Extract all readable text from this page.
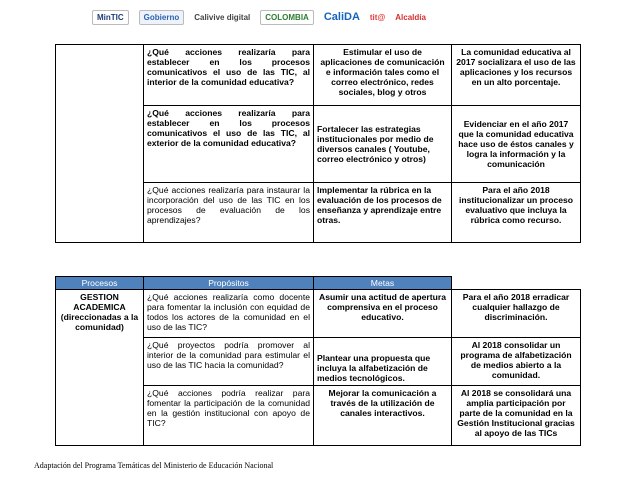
MinTIC	Gobierno	Calivive digital	COLOMBIA	CaliDA tit@ Alcaldía
	¿Qué acciones realizaría para establecer en los procesos comunicativos el uso de las TIC, al interior de la comunidad educativa?	Estimular el uso de aplicaciones de comunicación e información tales como el correo electrónico, redes sociales, blog y otros	La comunidad educativa al 2017 socializara el uso de las aplicaciones y los recursos en un alto porcentaje.
	¿Qué acciones realizaría para establecer en los procesos comunicativos el uso de las TIC, al exterior de la comunidad educativa?	Fortalecer las estrategias institucionales por medio de diversos canales ( Youtube, correo electrónico y otros)	Evidenciar en el año 2017 que la comunidad educativa hace uso de éstos canales y logra la información y la comunicación
	¿Qué acciones realizaría para instaurar la incorporación del uso de las TIC en los procesos de evaluación de los aprendizajes?	Implementar la rúbrica en la evaluación de los procesos de enseñanza y aprendizaje entre otras.	Para el año 2018 institucionalizar un proceso evaluativo que incluya la rúbrica como recurso.
Procesos	Propósitos	Metas
GESTION ACADEMICA (direccionadas a la comunidad)	¿Qué acciones realizaría como docente para fomentar la inclusión con equidad de todos los actores de la comunidad en el uso de las TIC?	Asumir una actitud de apertura comprensiva en el proceso educativo.	Para el año 2018 erradicar cualquier hallazgo de discriminación.
	¿Qué proyectos podría promover al interior de la comunidad para estimular el uso de las TIC hacia la comunidad?	Plantear una propuesta que incluya la alfabetización de medios tecnológicos.	Al 2018 consolidar un programa de alfabetización de medios abierto a la comunidad.
	¿Qué acciones podría realizar para fomentar la participación de la comunidad en la gestión institucional con apoyo de TIC?	Mejorar la comunicación a través de la utilización de canales interactivos.	Al 2018 se consolidará una amplia participación por parte de la comunidad en la Gestión Institucional gracias al apoyo de las TICs
Adaptación del Programa Temáticas del Ministerio de Educación Nacional
